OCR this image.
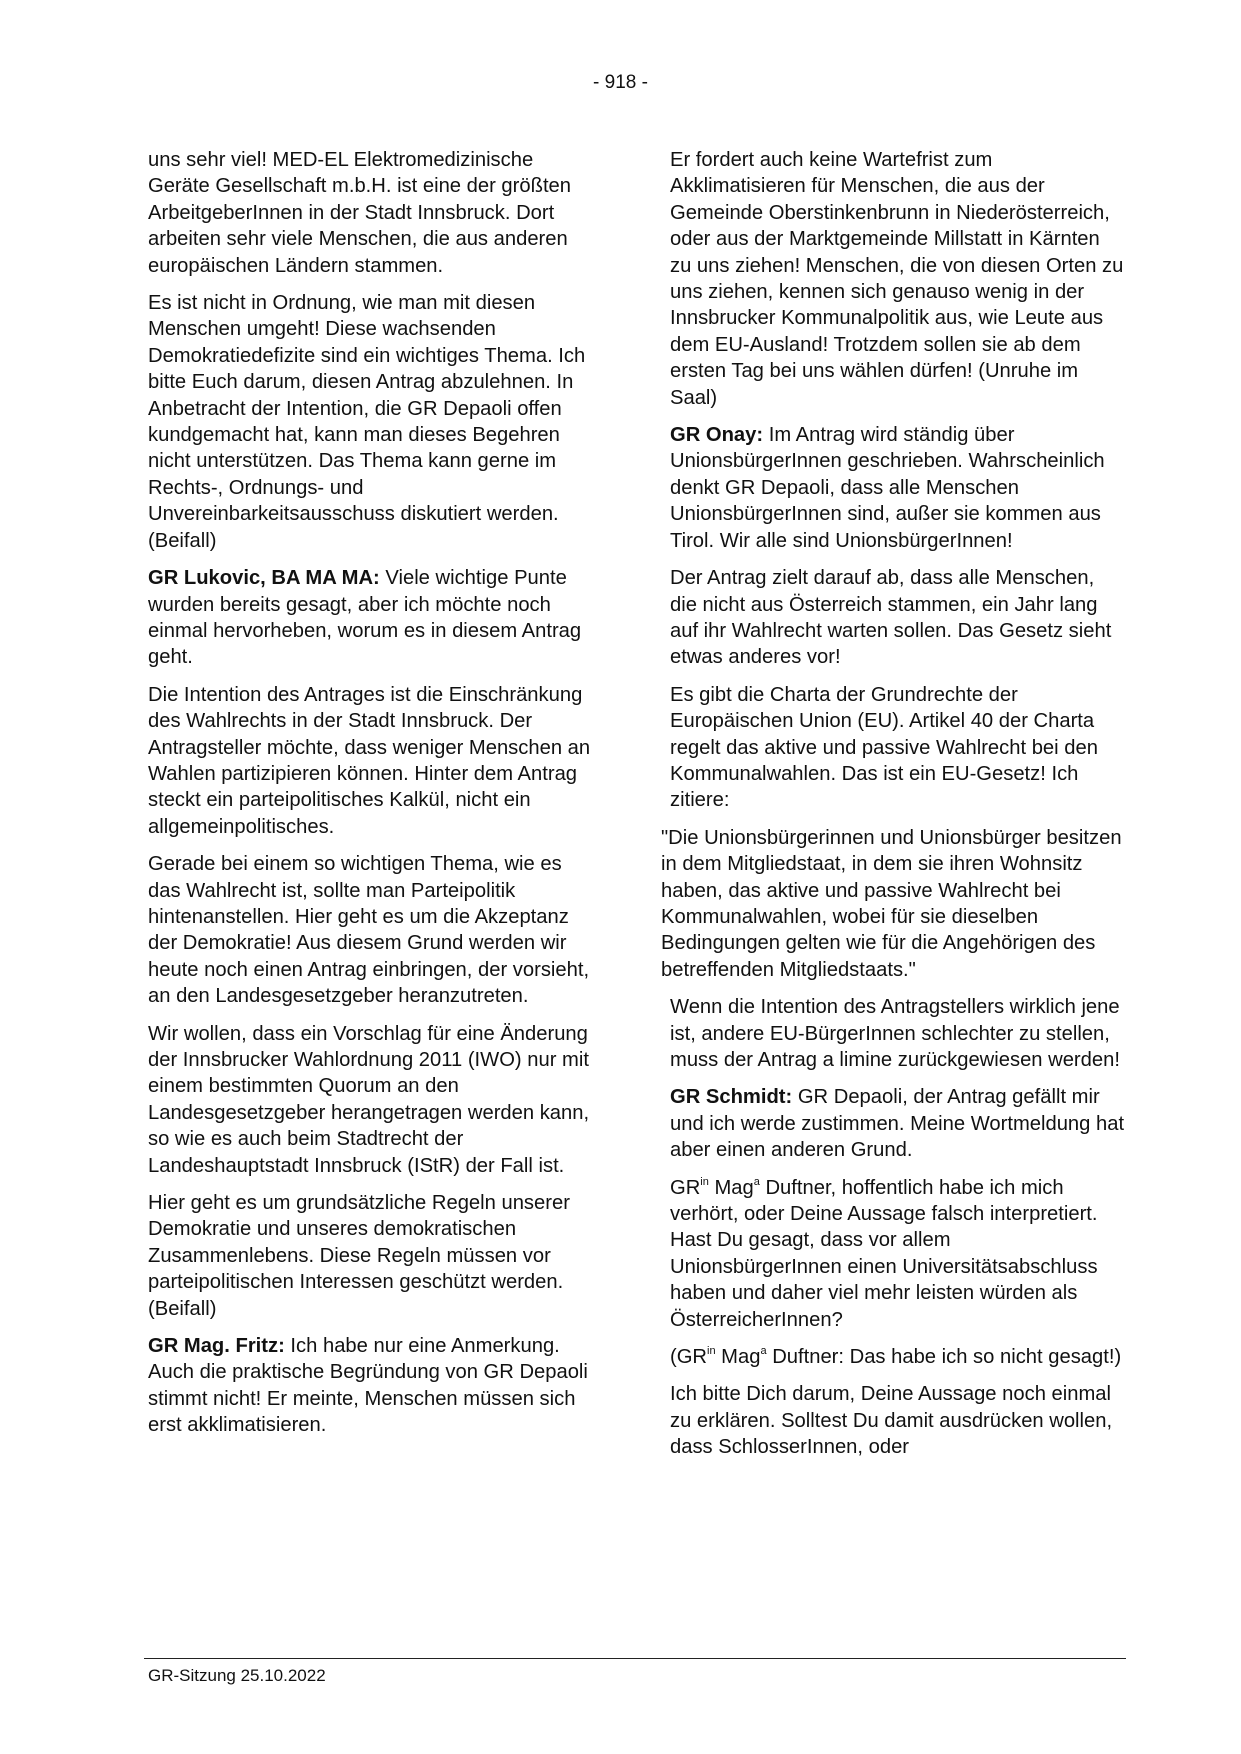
- 918 -

uns sehr viel! MED-EL Elektromedizinische Geräte Gesellschaft m.b.H. ist eine der größten ArbeitgeberInnen in der Stadt Innsbruck. Dort arbeiten sehr viele Menschen, die aus anderen europäischen Ländern stammen.

Es ist nicht in Ordnung, wie man mit diesen Menschen umgeht! Diese wachsenden Demokratiedefizite sind ein wichtiges Thema. Ich bitte Euch darum, diesen Antrag abzulehnen. In Anbetracht der Intention, die GR Depaoli offen kundgemacht hat, kann man dieses Begehren nicht unterstützen. Das Thema kann gerne im Rechts-, Ordnungs- und Unvereinbarkeitsausschuss diskutiert werden. (Beifall)

GR Lukovic, BA MA MA: Viele wichtige Punte wurden bereits gesagt, aber ich möchte noch einmal hervorheben, worum es in diesem Antrag geht.

Die Intention des Antrages ist die Einschränkung des Wahlrechts in der Stadt Innsbruck. Der Antragsteller möchte, dass weniger Menschen an Wahlen partizipieren können. Hinter dem Antrag steckt ein parteipolitisches Kalkül, nicht ein allgemeinpolitisches.

Gerade bei einem so wichtigen Thema, wie es das Wahlrecht ist, sollte man Parteipolitik hintenanstellen. Hier geht es um die Akzeptanz der Demokratie! Aus diesem Grund werden wir heute noch einen Antrag einbringen, der vorsieht, an den Landesgesetzgeber heranzutreten.

Wir wollen, dass ein Vorschlag für eine Änderung der Innsbrucker Wahlordnung 2011 (IWO) nur mit einem bestimmten Quorum an den Landesgesetzgeber herangetragen werden kann, so wie es auch beim Stadtrecht der Landeshauptstadt Innsbruck (IStR) der Fall ist.

Hier geht es um grundsätzliche Regeln unserer Demokratie und unseres demokratischen Zusammenlebens. Diese Regeln müssen vor parteipolitischen Interessen geschützt werden. (Beifall)

GR Mag. Fritz: Ich habe nur eine Anmerkung. Auch die praktische Begründung von GR Depaoli stimmt nicht! Er meinte, Menschen müssen sich erst akklimatisieren.

Er fordert auch keine Wartefrist zum Akklimatisieren für Menschen, die aus der Gemeinde Oberstinkenbrunn in Niederösterreich, oder aus der Marktgemeinde Millstatt in Kärnten zu uns ziehen! Menschen, die von diesen Orten zu uns ziehen, kennen sich genauso wenig in der Innsbrucker Kommunalpolitik aus, wie Leute aus dem EU-Ausland! Trotzdem sollen sie ab dem ersten Tag bei uns wählen dürfen! (Unruhe im Saal)

GR Onay: Im Antrag wird ständig über UnionsbürgerInnen geschrieben. Wahrscheinlich denkt GR Depaoli, dass alle Menschen UnionsbürgerInnen sind, außer sie kommen aus Tirol. Wir alle sind UnionsbürgerInnen!

Der Antrag zielt darauf ab, dass alle Menschen, die nicht aus Österreich stammen, ein Jahr lang auf ihr Wahlrecht warten sollen. Das Gesetz sieht etwas anderes vor!

Es gibt die Charta der Grundrechte der Europäischen Union (EU). Artikel 40 der Charta regelt das aktive und passive Wahlrecht bei den Kommunalwahlen. Das ist ein EU-Gesetz! Ich zitiere:

"Die Unionsbürgerinnen und Unionsbürger besitzen in dem Mitgliedstaat, in dem sie ihren Wohnsitz haben, das aktive und passive Wahlrecht bei Kommunalwahlen, wobei für sie dieselben Bedingungen gelten wie für die Angehörigen des betreffenden Mitgliedstaats."

Wenn die Intention des Antragstellers wirklich jene ist, andere EU-BürgerInnen schlechter zu stellen, muss der Antrag a limine zurückgewiesen werden!

GR Schmidt: GR Depaoli, der Antrag gefällt mir und ich werde zustimmen. Meine Wortmeldung hat aber einen anderen Grund.

$GR^{in}$ Mag$^a$ Duftner, hoffentlich habe ich mich verhört, oder Deine Aussage falsch interpretiert. Hast Du gesagt, dass vor allem UnionsbürgerInnen einen Universitätsabschluss haben und daher viel mehr leisten würden als ÖsterreicherInnen?

($GR^{in}$ Mag$^a$ Duftner: Das habe ich so nicht gesagt!)

Ich bitte Dich darum, Deine Aussage noch einmal zu erklären. Solltest Du damit ausdrücken wollen, dass SchlosserInnen, oder

GR-Sitzung 25.10.2022
